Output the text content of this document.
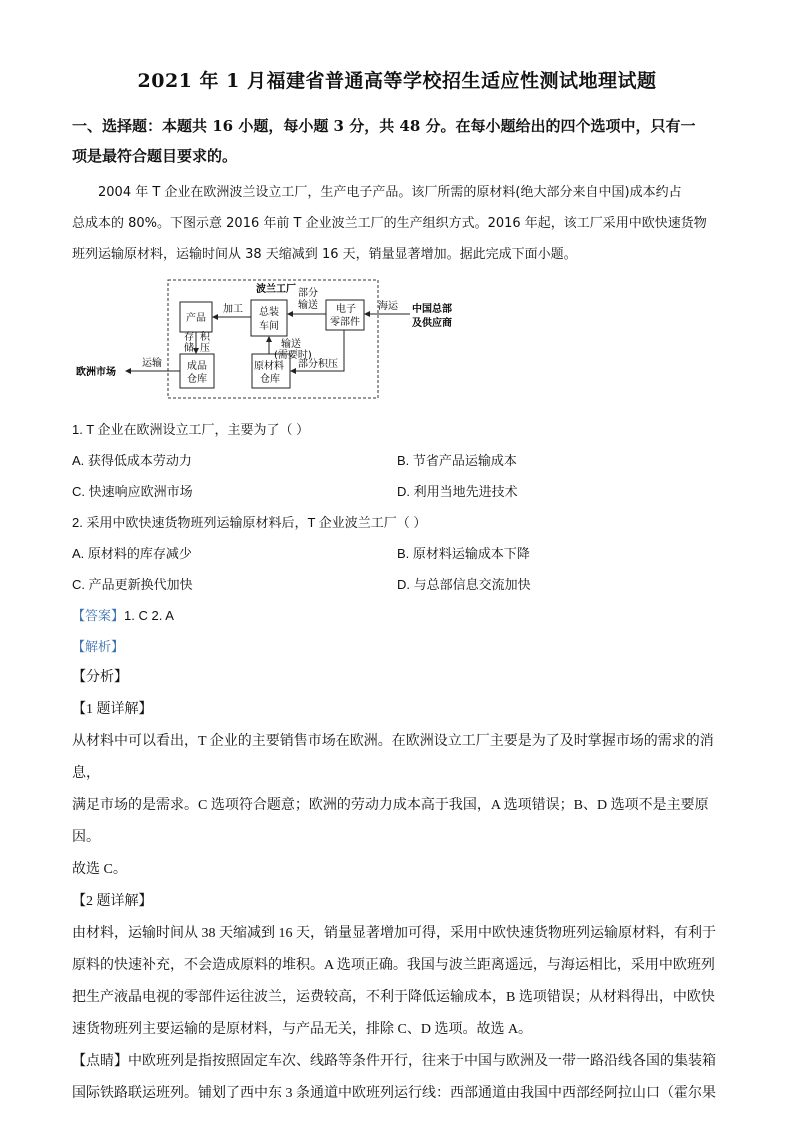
2021 年 1 月福建省普通高等学校招生适应性测试地理试题

一、选择题：本题共 16 小题，每小题 3 分，共 48 分。在每小题给出的四个选项中，只有一

项是最符合题目要求的。

2004 年 T 企业在欧洲波兰设立工厂，生产电子产品。该厂所需的原材料(绝大部分来自中国)成本约占

总成本的 80%。下图示意 2016 年前 T 企业波兰工厂的生产组织方式。2016 年起，该工厂采用中欧快速货物

班列运输原材料，运输时间从 38 天缩减到 16 天，销量显著增加。据此完成下面小题。

波兰工厂
产品
总装
车间
电子
零部件
中国总部
及供应商
成品
仓库
原材料
仓库
欧洲市场
加工
部分
输送	海运
存
储
积
压
运输
输送
(需要时)
部分积压

1. T 企业在欧洲设立工厂，主要为了（ ）

A. 获得低成本劳动力	B. 节省产品运输成本
C. 快速响应欧洲市场	D. 利用当地先进技术

2. 采用中欧快速货物班列运输原材料后，T 企业波兰工厂（ ）

A. 原材料的库存减少	B. 原材料运输成本下降
C. 产品更新换代加快	D. 与总部信息交流加快

【答案】1. C 2. A

【解析】

【分析】

【1 题详解】

从材料中可以看出，T 企业的主要销售市场在欧洲。在欧洲设立工厂主要是为了及时掌握市场的需求的消息，

满足市场的是需求。C 选项符合题意；欧洲的劳动力成本高于我国，A 选项错误；B、D 选项不是主要原因。

故选 C。

【2 题详解】

由材料，运输时间从 38 天缩减到 16 天，销量显著增加可得，采用中欧快速货物班列运输原材料，有利于

原料的快速补充，不会造成原料的堆积。A 选项正确。我国与波兰距离遥远，与海运相比，采用中欧班列

把生产液晶电视的零部件运往波兰，运费较高，不利于降低运输成本，B 选项错误；从材料得出，中欧快

速货物班列主要运输的是原材料，与产品无关，排除 C、D 选项。故选 A。

【点睛】中欧班列是指按照固定车次、线路等条件开行，往来于中国与欧洲及一带一路沿线各国的集装箱

国际铁路联运班列。铺划了西中东 3 条通道中欧班列运行线：西部通道由我国中西部经阿拉山口（霍尔果
